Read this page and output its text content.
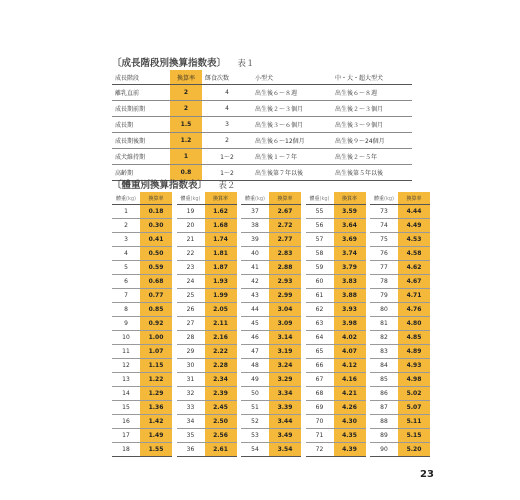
〔成長階段別換算指数表〕 表１
成長階段	換算率	餌食次数	小型犬	中・大・超大型犬
離乳直前	2	4	出生後６〜８週	出生後６〜８週
成長期前期	2	4	出生後２〜３個月	出生後２〜３個月
成長期	1.5	3	出生後３〜６個月	出生後３〜９個月
成長期後期	1.2	2	出生後６〜12個月	出生後９〜24個月
成犬維持期	1	1〜2	出生後１〜７年	出生後２〜５年
高齢期	0.8	1〜2	出生後第７年以後	出生後第５年以後
〔體重別換算指数表〕 表２
體重(kg)	換算率
1	0.18
2	0.30
3	0.41
4	0.50
5	0.59
6	0.68
7	0.77
8	0.85
9	0.92
10	1.00
11	1.07
12	1.15
13	1.22
14	1.29
15	1.36
16	1.42
17	1.49
18	1.55
體重(kg)	換算率
19	1.62
20	1.68
21	1.74
22	1.81
23	1.87
24	1.93
25	1.99
26	2.05
27	2.11
28	2.16
29	2.22
30	2.28
31	2.34
32	2.39
33	2.45
34	2.50
35	2.56
36	2.61
體重(kg)	換算率
37	2.67
38	2.72
39	2.77
40	2.83
41	2.88
42	2.93
43	2.99
44	3.04
45	3.09
46	3.14
47	3.19
48	3.24
49	3.29
50	3.34
51	3.39
52	3.44
53	3.49
54	3.54
體重(kg)	換算率
55	3.59
56	3.64
57	3.69
58	3.74
59	3.79
60	3.83
61	3.88
62	3.93
63	3.98
64	4.02
65	4.07
66	4.12
67	4.16
68	4.21
69	4.26
70	4.30
71	4.35
72	4.39
體重(kg)	換算率
73	4.44
74	4.49
75	4.53
76	4.58
77	4.62
78	4.67
79	4.71
80	4.76
81	4.80
82	4.85
83	4.89
84	4.93
85	4.98
86	5.02
87	5.07
88	5.11
89	5.15
90	5.20
23
